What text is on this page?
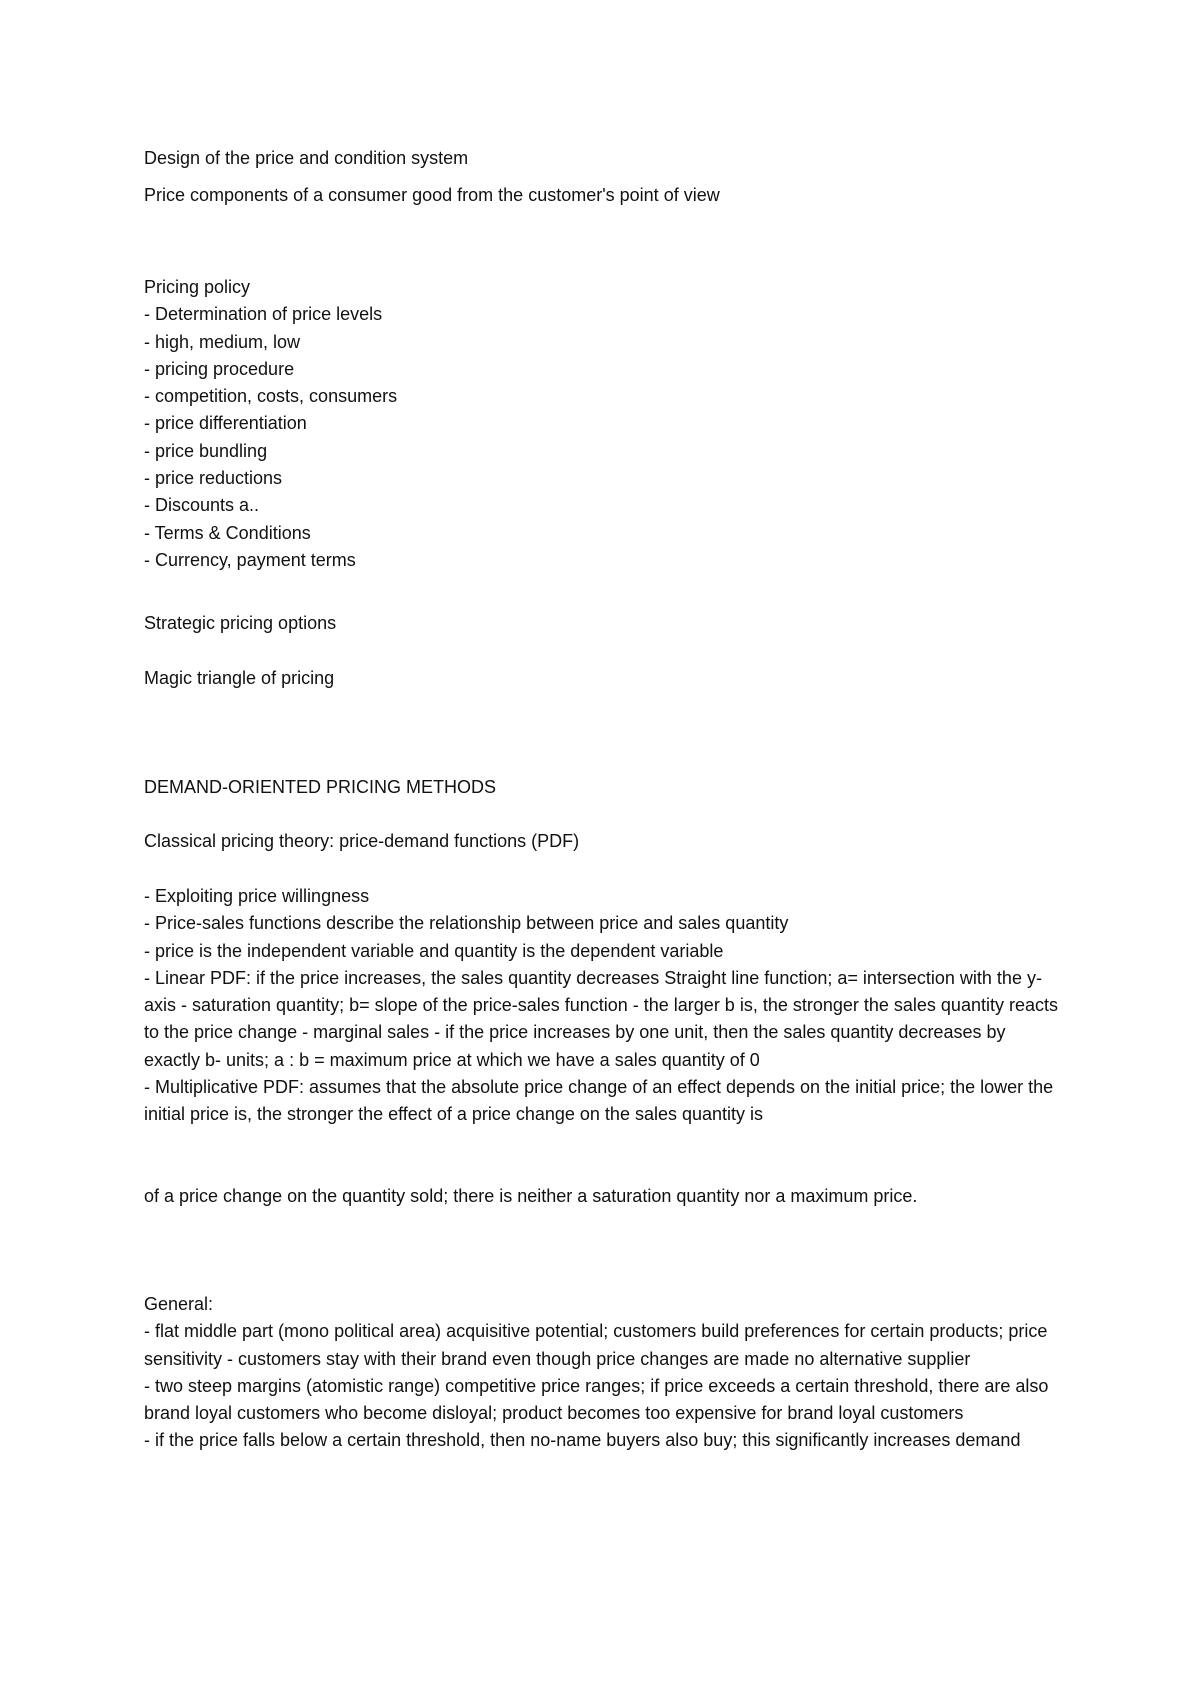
Design of the price and condition system

Price components of a consumer good from the customer's point of view

Pricing policy

- Determination of price levels

- high, medium, low

- pricing procedure

- competition, costs, consumers

- price differentiation

- price bundling

- price reductions

- Discounts a..

- Terms & Conditions

- Currency, payment terms

Strategic pricing options

Magic triangle of pricing

DEMAND-ORIENTED PRICING METHODS

Classical pricing theory: price-demand functions (PDF)

- Exploiting price willingness

- Price-sales functions describe the relationship between price and sales quantity

- price is the independent variable and quantity is the dependent variable

- Linear PDF: if the price increases, the sales quantity decreases Straight line function; a= intersection with the y-axis - saturation quantity; b= slope of the price-sales function - the larger b is, the stronger the sales quantity reacts to the price change - marginal sales - if the price increases by one unit, then the sales quantity decreases by exactly b- units; a : b = maximum price at which we have a sales quantity of 0

- Multiplicative PDF: assumes that the absolute price change of an effect depends on the initial price; the lower the initial price is, the stronger the effect of a price change on the sales quantity is

of a price change on the quantity sold; there is neither a saturation quantity nor a maximum price.

General:

- flat middle part (mono political area) acquisitive potential; customers build preferences for certain products; price sensitivity - customers stay with their brand even though price changes are made no alternative supplier

- two steep margins (atomistic range) competitive price ranges; if price exceeds a certain threshold, there are also brand loyal customers who become disloyal; product becomes too expensive for brand loyal customers

- if the price falls below a certain threshold, then no-name buyers also buy; this significantly increases demand
